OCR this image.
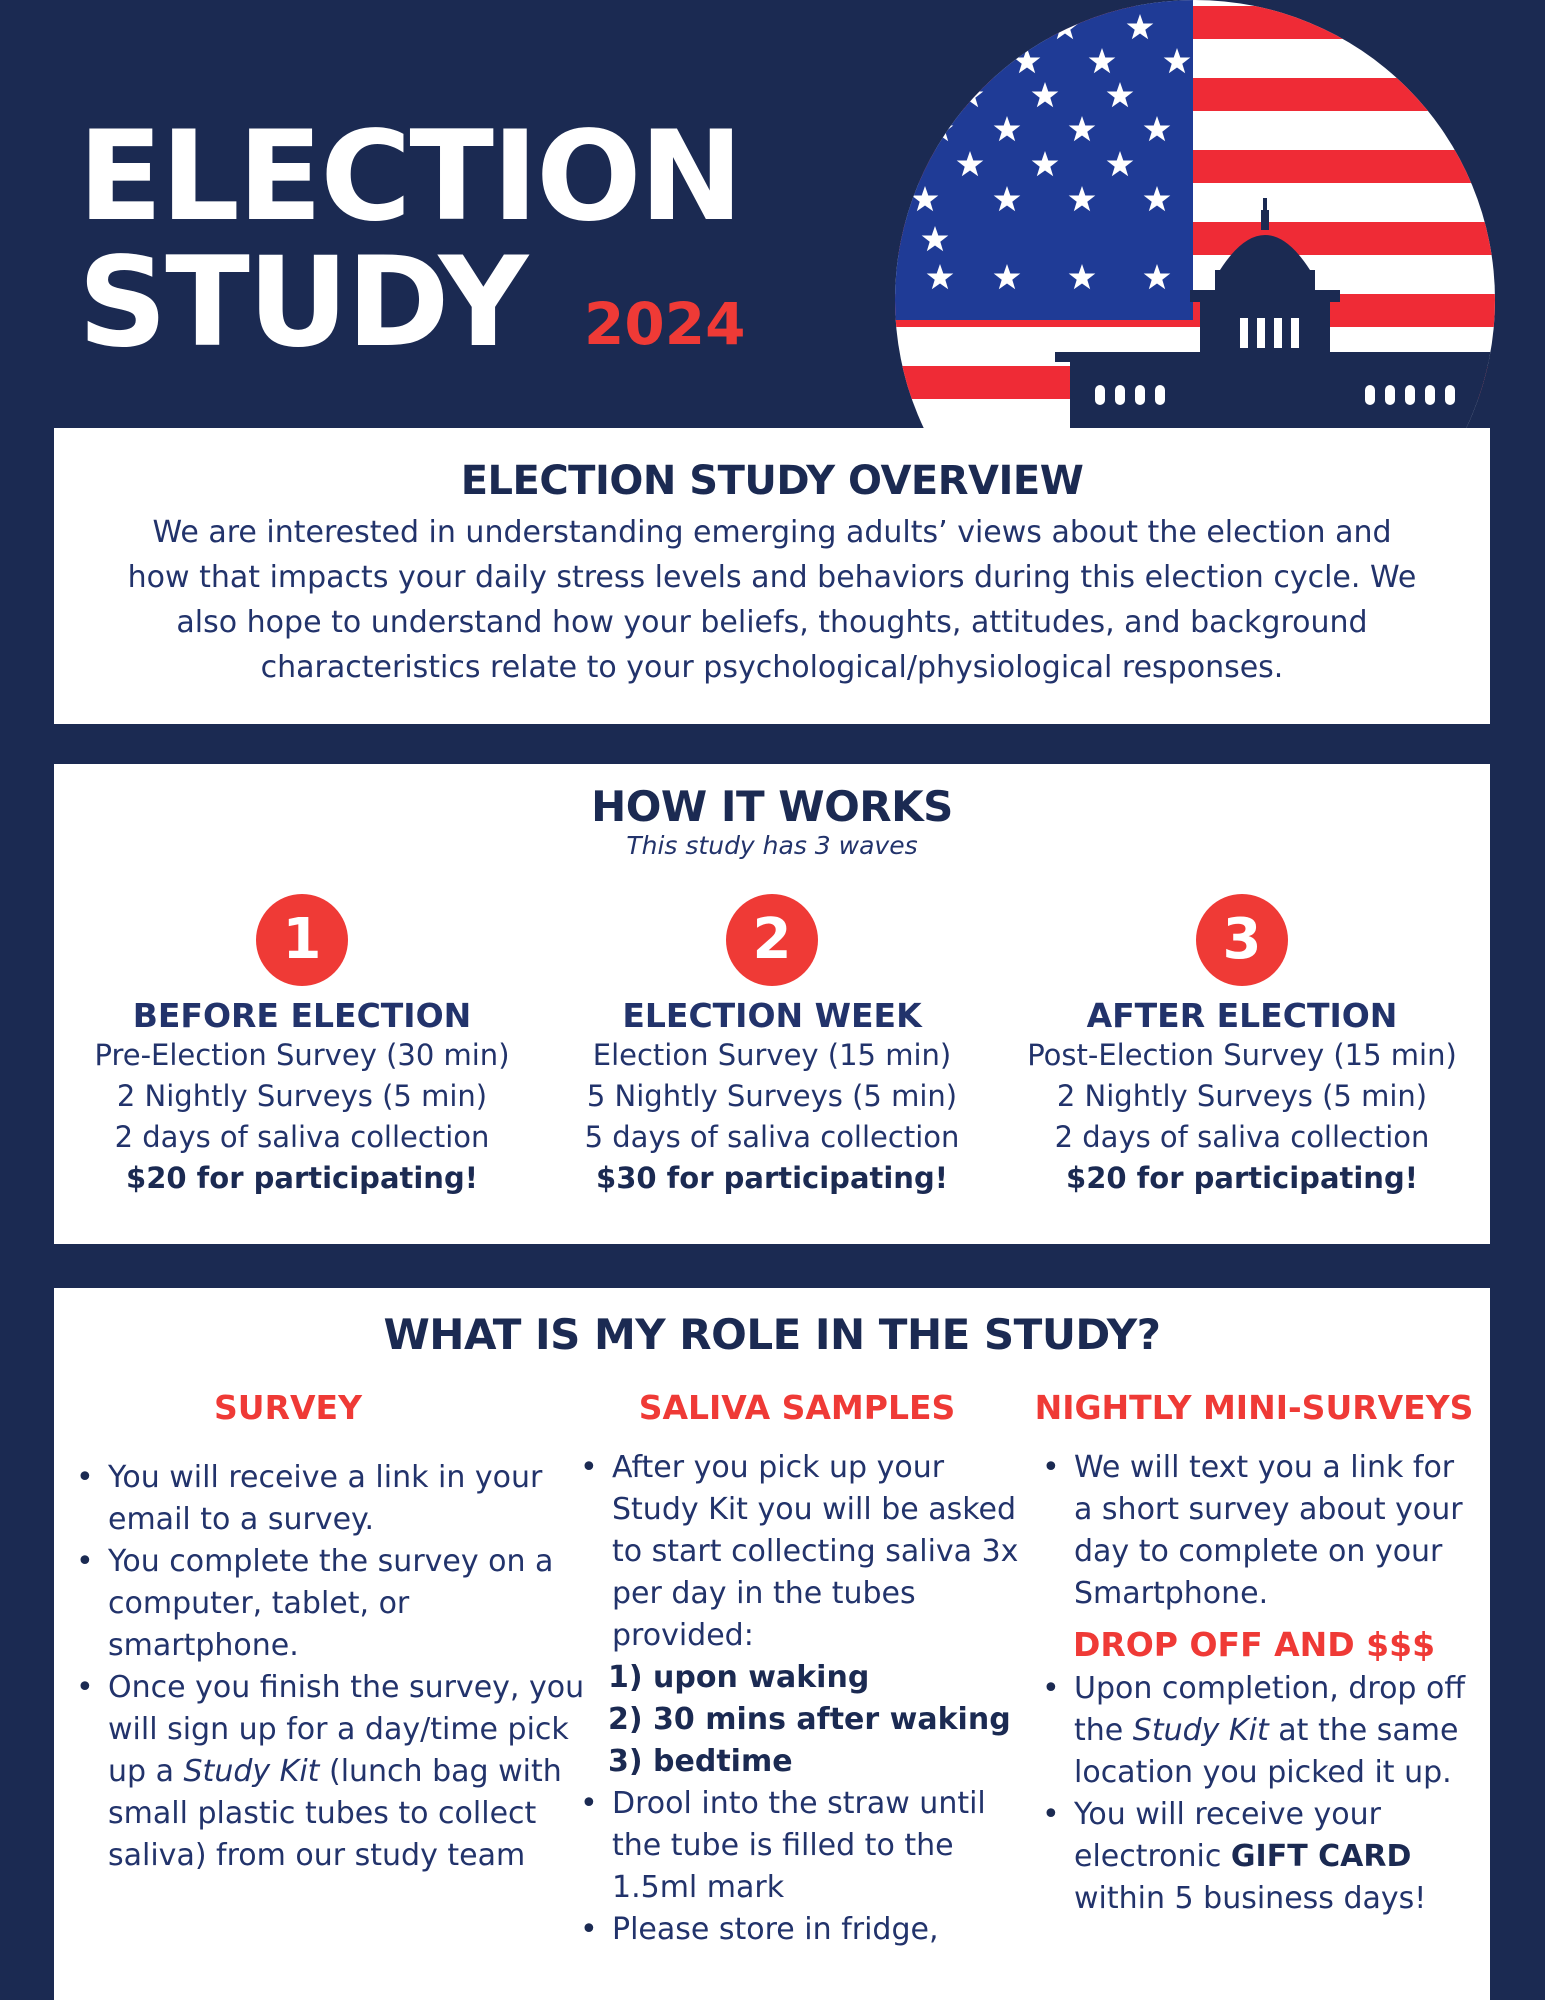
ELECTION
STUDY 2024
ELECTION STUDY OVERVIEW
We are interested in understanding emerging adults’ views about the election and
how that impacts your daily stress levels and behaviors during this election cycle. We
also hope to understand how your beliefs, thoughts, attitudes, and background
characteristics relate to your psychological/physiological responses.
HOW IT WORKS
This study has 3 waves
1
BEFORE ELECTION
Pre-Election Survey (30 min)
2 Nightly Surveys (5 min)
2 days of saliva collection
$20 for participating!
2
ELECTION WEEK
Election Survey (15 min)
5 Nightly Surveys (5 min)
5 days of saliva collection
$30 for participating!
3
AFTER ELECTION
Post-Election Survey (15 min)
2 Nightly Surveys (5 min)
2 days of saliva collection
$20 for participating!
WHAT IS MY ROLE IN THE STUDY?
SURVEY
• You will receive a link in your email to a survey.
• You complete the survey on a computer, tablet, or smartphone.
• Once you finish the survey, you will sign up for a day/time pick up a Study Kit (lunch bag with small plastic tubes to collect saliva) from our study team
SALIVA SAMPLES
• After you pick up your Study Kit you will be asked to start collecting saliva 3x per day in the tubes provided:
1) upon waking
2) 30 mins after waking
3) bedtime
• Drool into the straw until the tube is filled to the 1.5ml mark
• Please store in fridge,
NIGHTLY MINI-SURVEYS
• We will text you a link for a short survey about your day to complete on your Smartphone.
DROP OFF AND $$$
• Upon completion, drop off the Study Kit at the same location you picked it up.
• You will receive your electronic GIFT CARD within 5 business days!
